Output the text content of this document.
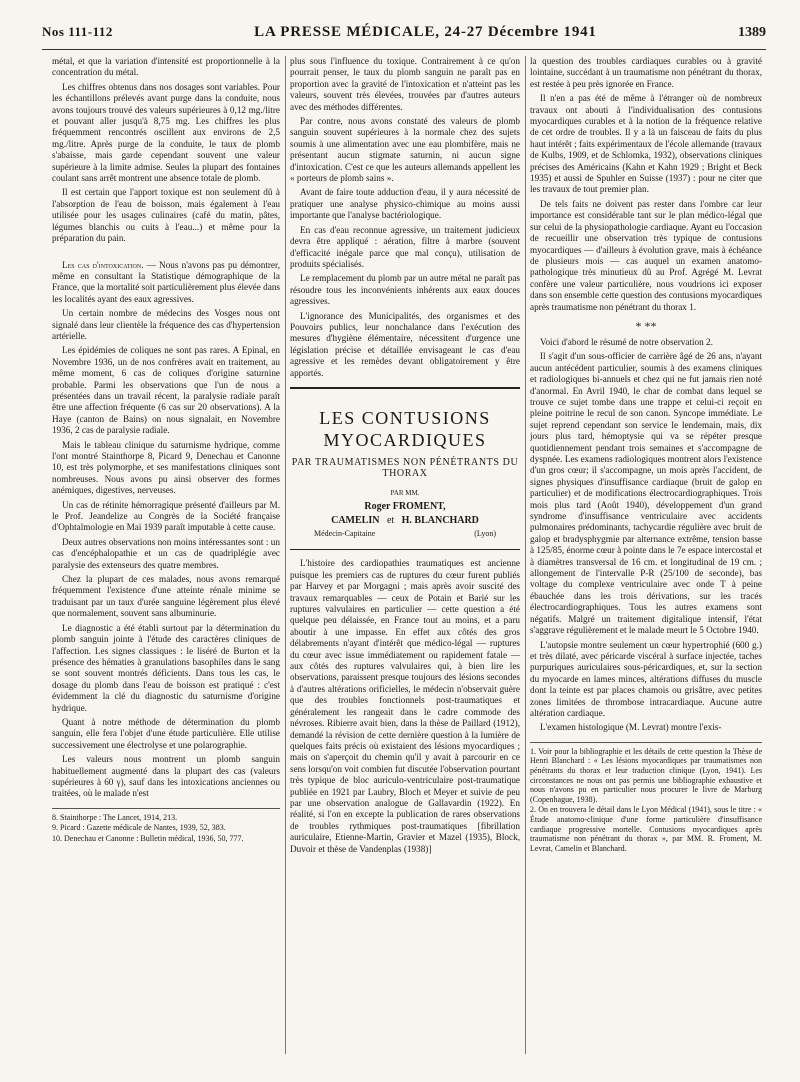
Nos 111-112	LA PRESSE MÉDICALE, 24-27 Décembre 1941	1389

métal, et que la variation d'intensité est proportionnelle à la concentration du métal.

Les chiffres obtenus dans nos dosages sont variables. Pour les échantillons prélevés avant purge dans la conduite, nous avons toujours trouvé des valeurs supérieures à 0,12 mg./litre et pouvant aller jusqu'à 8,75 mg. Les chiffres les plus fréquemment rencontrés oscillent aux environs de 2,5 mg./litre. Après purge de la conduite, le taux de plomb s'abaisse, mais garde cependant souvent une valeur supérieure à la limite admise. Seules la plupart des fontaines coulant sans arrêt montrent une absence totale de plomb.

Il est certain que l'apport toxique est non seulement dû à l'absorption de l'eau de boisson, mais également à l'eau utilisée pour les usages culinaires (café du matin, pâtes, légumes blanchis ou cuits à l'eau...) et même pour la préparation du pain.

Les cas d'intoxication. — Nous n'avons pas pu démontrer, même en consultant la Statistique démographique de la France, que la mortalité soit particulièrement plus élevée dans les localités ayant des eaux agressives.

Un certain nombre de médecins des Vosges nous ont signalé dans leur clientèle la fréquence des cas d'hypertension artérielle.

Les épidémies de coliques ne sont pas rares. A Epinal, en Novembre 1936, un de nos confrères avait en traitement, au même moment, 6 cas de coliques d'origine saturnine probable. Parmi les observations que l'un de nous a présentées dans un travail récent, la paralysie radiale paraît être une affection fréquente (6 cas sur 20 observations). A la Haye (canton de Bains) on nous signalait, en Novembre 1936, 2 cas de paralysie radiale.

Mais le tableau clinique du saturnisme hydrique, comme l'ont montré Stainthorpe 8, Picard 9, Denechau et Canonne 10, est très polymorphe, et ses manifestations cliniques sont nombreuses. Nous avons pu ainsi observer des formes anémiques, digestives, nerveuses.

Un cas de rétinite hémorragique présenté d'ailleurs par M. le Prof. Jeandelize au Congrès de la Société française d'Ophtalmologie en Mai 1939 paraît imputable à cette cause.

Deux autres observations non moins intéressantes sont : un cas d'encéphalopathie et un cas de quadriplégie avec paralysie des extenseurs des quatre membres.

Chez la plupart de ces malades, nous avons remarqué fréquemment l'existence d'une atteinte rénale minime se traduisant par un taux d'urée sanguine légèrement plus élevé que normalement, souvent sans albuminurie.

Le diagnostic a été établi surtout par la détermination du plomb sanguin jointe à l'étude des caractères cliniques de l'affection. Les signes classiques : le liséré de Burton et la présence des hématies à granulations basophiles dans le sang se sont souvent montrés déficients. Dans tous les cas, le dosage du plomb dans l'eau de boisson est pratiqué : c'est évidemment la clé du diagnostic du saturnisme d'origine hydrique.

Quant à notre méthode de détermination du plomb sanguin, elle fera l'objet d'une étude particulière. Elle utilise successivement une électrolyse et une polarographie.

Les valeurs nous montrent un plomb sanguin habituellement augmenté dans la plupart des cas (valeurs supérieures à 60 γ), sauf dans les intoxications anciennes ou traitées, où le malade n'est

8. Stainthorpe : The Lancet, 1914, 213.

9. Picard : Gazette médicale de Nantes, 1939, 52, 383.

10. Denechau et Canonne : Bulletin médical, 1936, 50, 777.

plus sous l'influence du toxique. Contrairement à ce qu'on pourrait penser, le taux du plomb sanguin ne paraît pas en proportion avec la gravité de l'intoxication et n'atteint pas les valeurs, souvent très élevées, trouvées par d'autres auteurs avec des méthodes différentes.

Par contre, nous avons constaté des valeurs de plomb sanguin souvent supérieures à la normale chez des sujets soumis à une alimentation avec une eau plombifère, mais ne présentant aucun stigmate saturnin, ni aucun signe d'intoxication. C'est ce que les auteurs allemands appellent les « porteurs de plomb sains ».

Avant de faire toute adduction d'eau, il y aura nécessité de pratiquer une analyse physico-chimique au moins aussi importante que l'analyse bactériologique.

En cas d'eau reconnue agressive, un traitement judicieux devra être appliqué : aération, filtre à marbre (souvent d'efficacité inégale parce que mal conçu), utilisation de produits spécialisés.

Le remplacement du plomb par un autre métal ne paraît pas résoudre tous les inconvénients inhérents aux eaux douces agressives.

L'ignorance des Municipalités, des organismes et des Pouvoirs publics, leur nonchalance dans l'exécution des mesures d'hygiène élémentaire, nécessitent d'urgence une législation précise et détaillée envisageant le cas d'eau agressive et les remèdes devant obligatoirement y être apportés.

LES CONTUSIONS MYOCARDIQUES

PAR TRAUMATISMES NON PÉNÉTRANTS DU THORAX

PAR MM.

Roger FROMENT,

CAMELIN et H. BLANCHARD

Médecin-Capitaine	(Lyon)

L'histoire des cardiopathies traumatiques est ancienne puisque les premiers cas de ruptures du cœur furent publiés par Harvey et par Morgagni ; mais après avoir suscité des travaux remarquables — ceux de Potain et Barié sur les ruptures valvulaires en particulier — cette question a été quelque peu délaissée, en France tout au moins, et a paru aboutir à une impasse. En effet aux côtés des gros délabrements n'ayant d'intérêt que médico-légal — ruptures du cœur avec issue immédiatement ou rapidement fatale — aux côtés des ruptures valvulaires qui, à bien lire les observations, paraissent presque toujours des lésions secondes à d'autres altérations orificielles, le médecin n'observait guère que des troubles fonctionnels post-traumatiques et généralement les rangeait dans le cadre commode des névroses. Ribierre avait bien, dans la thèse de Paillard (1912), demandé la révision de cette dernière question à la lumière de quelques faits précis où existaient des lésions myocardiques ; mais on s'aperçoit du chemin qu'il y avait à parcourir en ce sens lorsqu'on voit combien fut discutée l'observation pourtant très typique de bloc auriculo-ventriculaire post-traumatique publiée en 1921 par Laubry, Bloch et Meyer et suivie de peu par une observation analogue de Gallavardin (1922). En réalité, si l'on en excepte la publication de rares observations de troubles rythmiques post-traumatiques [fibrillation auriculaire, Etienne-Martin, Gravier et Mazel (1935), Block, Duvoir et thèse de Vandenplas (1938)]

la question des troubles cardiaques curables ou à gravité lointaine, succédant à un traumatisme non pénétrant du thorax, est restée à peu près ignorée en France.

Il n'en a pas été de même à l'étranger où de nombreux travaux ont abouti à l'individualisation des contusions myocardiques curables et à la notion de la fréquence relative de cet ordre de troubles. Il y a là un faisceau de faits du plus haut intérêt ; faits expérimentaux de l'école allemande (travaux de Kulbs, 1909, et de Schlomka, 1932), observations cliniques précises des Américains (Kahn et Kahn 1929 ; Bright et Beck 1935) et aussi de Spuhler en Suisse (1937) : pour ne citer que les travaux de tout premier plan.

De tels faits ne doivent pas rester dans l'ombre car leur importance est considérable tant sur le plan médico-légal que sur celui de la physiopathologie cardiaque. Ayant eu l'occasion de recueillir une observation très typique de contusions myocardiques — d'ailleurs à évolution grave, mais à échéance de plusieurs mois — cas auquel un examen anatomo-pathologique très minutieux dû au Prof. Agrégé M. Levrat confère une valeur particulière, nous voudrions ici exposer dans son ensemble cette question des contusions myocardiques après traumatisme non pénétrant du thorax 1.

* **

Voici d'abord le résumé de notre observation 2.

Il s'agit d'un sous-officier de carrière âgé de 26 ans, n'ayant aucun antécédent particulier, soumis à des examens cliniques et radiologiques bi-annuels et chez qui ne fut jamais rien noté d'anormal. En Avril 1940, le char de combat dans lequel se trouve ce sujet tombe dans une trappe et celui-ci reçoit en pleine poitrine le recul de son canon. Syncope immédiate. Le sujet reprend cependant son service le lendemain, mais, dix jours plus tard, hémoptysie qui va se répéter presque quotidiennement pendant trois semaines et s'accompagne de dyspnée. Les examens radiologiques montrent alors l'existence d'un gros cœur; il s'accompagne, un mois après l'accident, de signes physiques d'insuffisance cardiaque (bruit de galop en particulier) et de modifications électrocardiographiques. Trois mois plus tard (Août 1940), développement d'un grand syndrome d'insuffisance ventriculaire avec accidents pulmonaires prédominants, tachycardie régulière avec bruit de galop et bradysphygmie par alternance extrême, tension basse à 125/85, énorme cœur à pointe dans le 7e espace intercostal et à diamètres transversal de 16 cm. et longitudinal de 19 cm. ; allongement de l'intervalle P-R (25/100 de seconde), bas voltage du complexe ventriculaire avec onde T à peine ébauchée dans les trois dérivations, sur les tracés électrocardiographiques. Tous les autres examens sont négatifs. Malgré un traitement digitalique intensif, l'état s'aggrave régulièrement et le malade meurt le 5 Octobre 1940.

L'autopsie montre seulement un cœur hypertrophié (600 g.) et très dilaté, avec péricarde viscéral à surface injectée, taches purpuriques auriculaires sous-péricardiques, et, sur la section du myocarde en lames minces, altérations diffuses du muscle dont la teinte est par places chamois ou grisâtre, avec petites zones limitées de thrombose intracardiaque. Aucune autre altération cardiaque.

L'examen histologique (M. Levrat) montre l'exis-

1. Voir pour la bibliographie et les détails de cette question la Thèse de Henri Blanchard : « Les lésions myocardiques par traumatismes non pénétrants du thorax et leur traduction clinique (Lyon, 1941). Les circonstances ne nous ont pas permis une bibliographie exhaustive et nous n'avons pu en particulier nous procurer le livre de Marburg (Copenhague, 1938).

2. On en trouvera le détail dans le Lyon Médical (1941), sous le titre : « Étude anatomo-clinique d'une forme particulière d'insuffisance cardiaque progressive mortelle. Contusions myocardiques après traumatisme non pénétrant du thorax », par MM. R. Froment, M. Levrat, Camelin et Blanchard.
